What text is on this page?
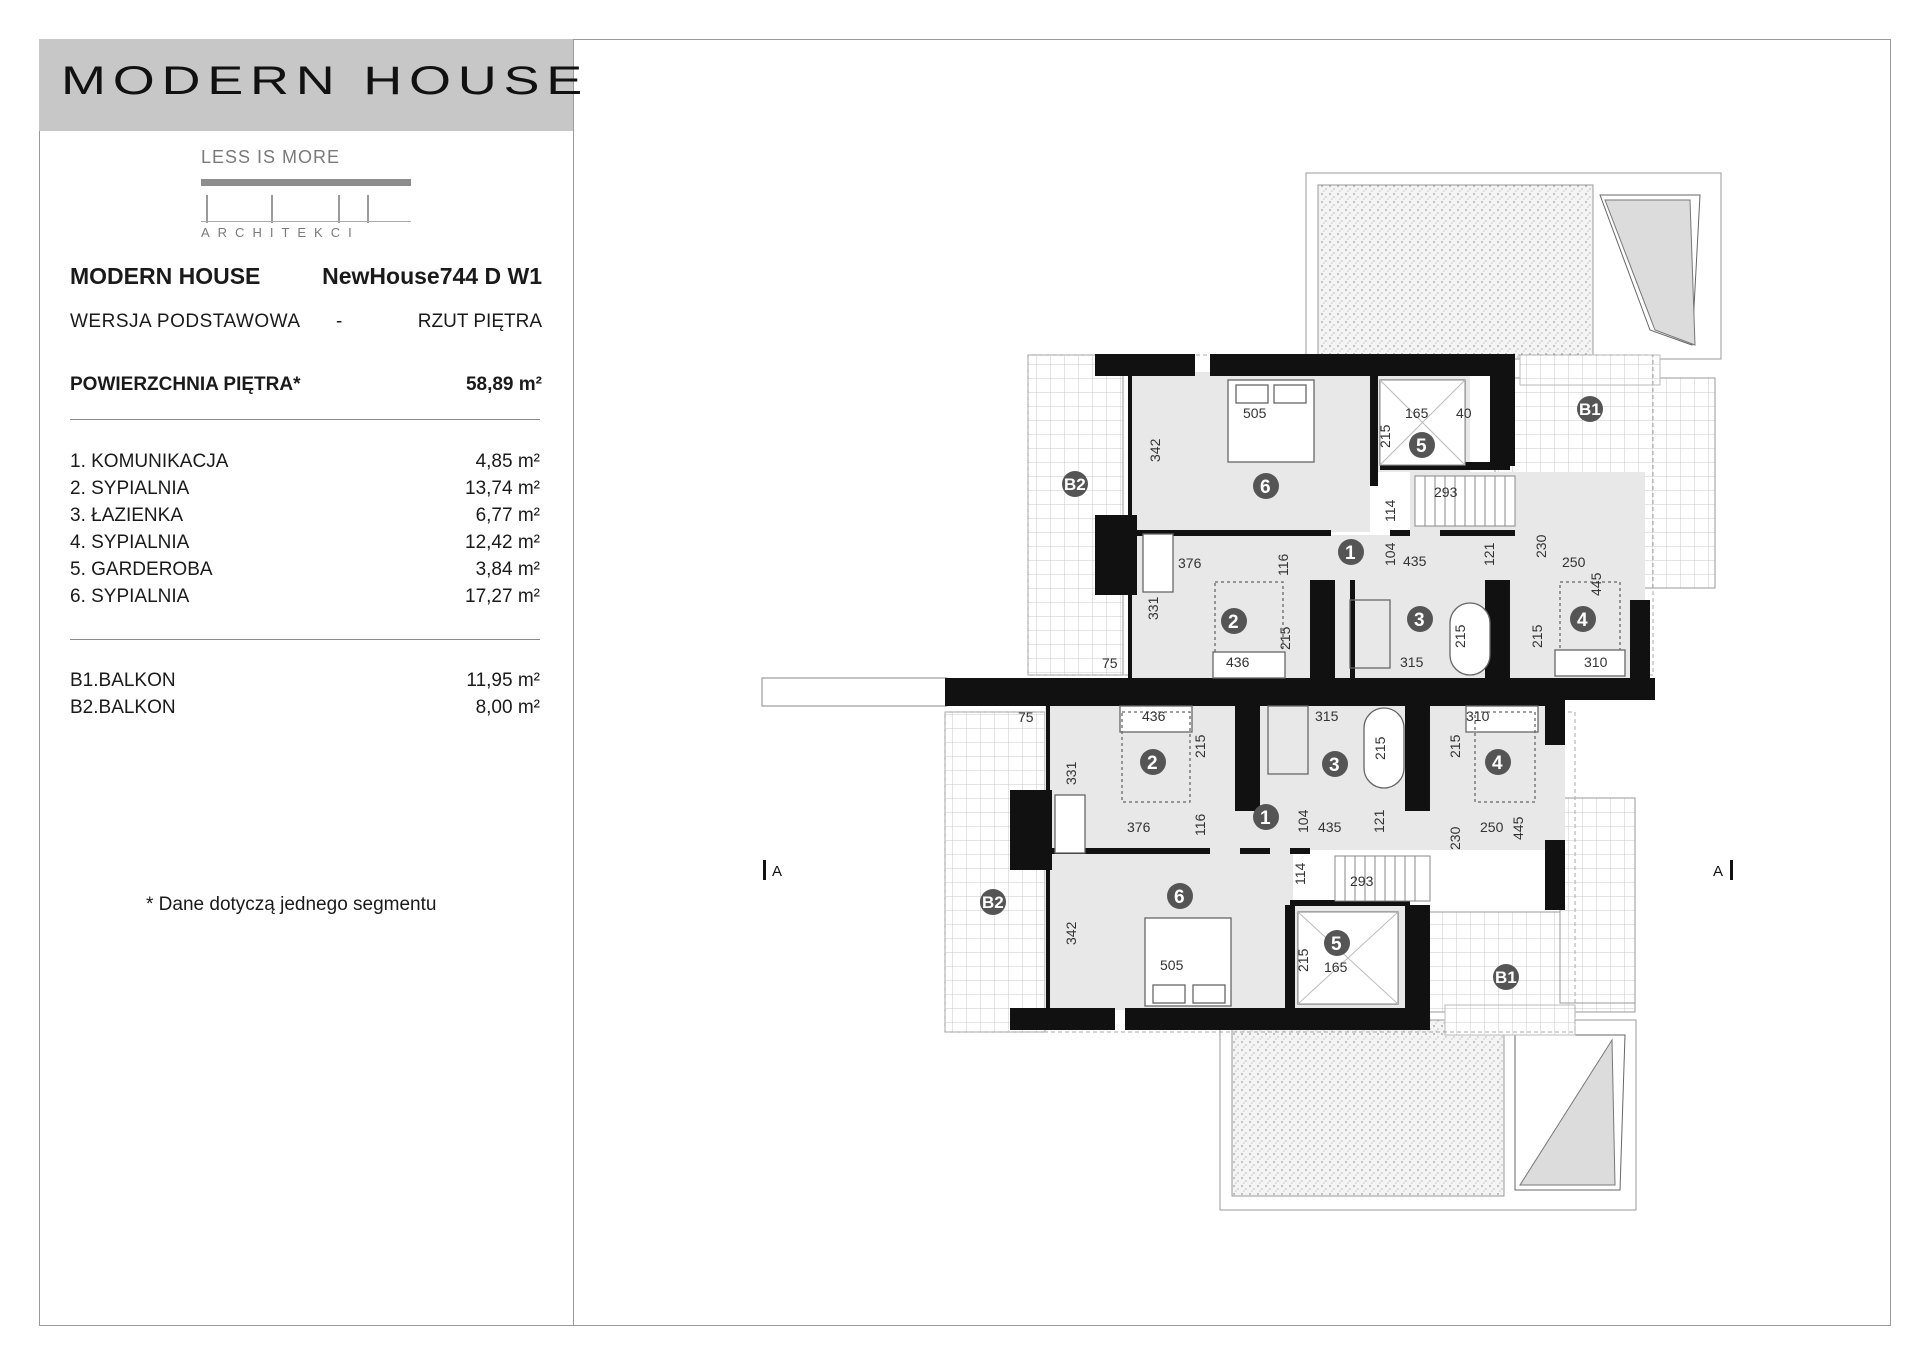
MODERN HOUSE
LESS IS MORE
ARCHITEKCI
MODERN HOUSE	NewHouse744 D W1
WERSJA PODSTAWOWA -	RZUT PIĘTRA
POWIERZCHNIA PIĘTRA*	58,89 m²
1. KOMUNIKACJA	4,85 m²
2. SYPIALNIA	13,74 m²
3. ŁAZIENKA	6,77 m²
4. SYPIALNIA	12,42 m²
5. GARDEROBA	3,84 m²
6. SYPIALNIA	17,27 m²
B1.BALKON	11,95 m²
B2.BALKON	8,00 m²
* Dane dotyczą jednego segmentu
505
342
165
215
40
293
114
104 435	121	230
250
445
376	116
331
215
436
215
315
215
310
75
75	436	315	310
215	215	215
331
376	116	104 435 121
230 250 445
114	293
342
505	215 165
6
5
1
2	3	4
2	3	4
1
6
5
B1
B2
B2
B1
A	A
